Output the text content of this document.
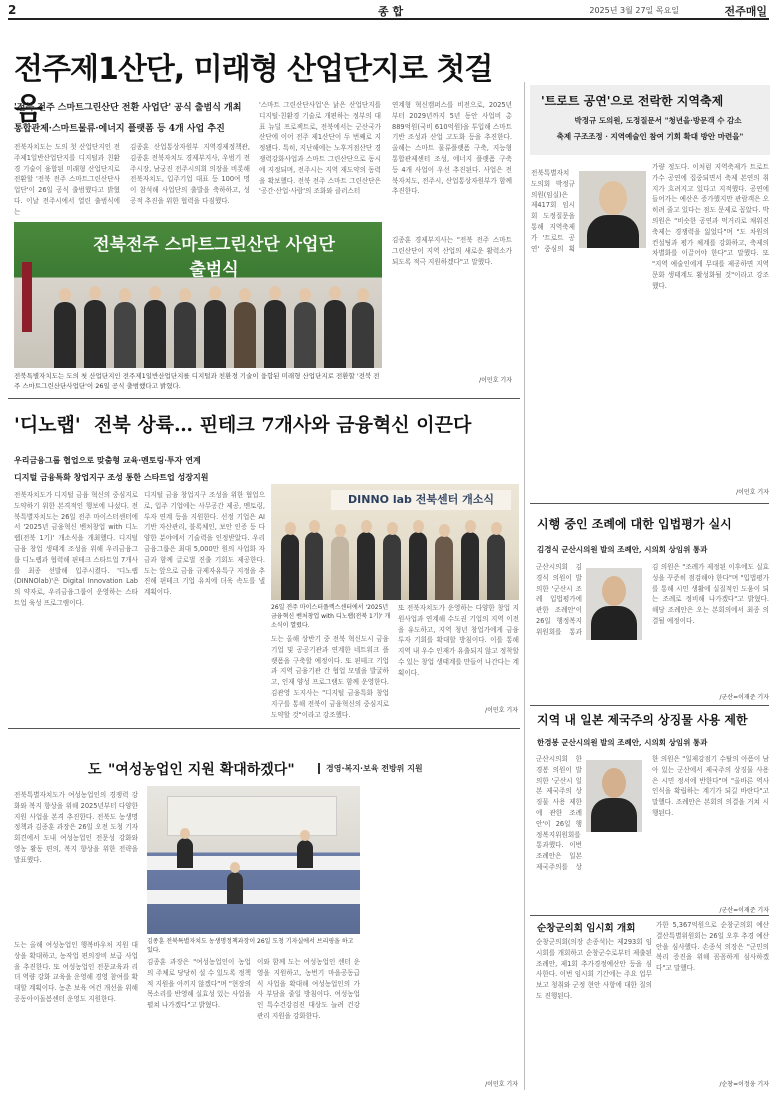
2	종 합	2025년 3월 27일 목요일	전주매일
전주제1산단, 미래형 산업단지로 첫걸음
'전북 전주 스마트그린산단 전환 사업단' 공식 출범식 개최
통합관제·스마트물류·에너지 플랫폼 등 4개 사업 추진
전북자치도는 도의 첫 산업단지인 전주제1일반산업단지를 디지털과 친환경 기술이 융합된 미래형 산업단지로 전환할 '전북 전주 스마트그린산단사업단'이 26일 공식 출범했다고 밝혔다. 이날 전주시에서 열린 출범식에는
김종훈 산업통상자원부 지역경제정책관, 김종훈 전북자치도 경제부지사, 우범기 전주시장, 남궁진 전주시의회 의장을 비롯해 전북자치도, 입주기업 대표 등 100여 명이 참석해 사업단의 출발을 축하하고, 성공적 추진을 위한 협력을 다짐했다.
'스마트 그린산단사업'은 낡은 산업단지를 디지털·친환경 기술로 개편하는 정부의 대표 뉴딜 프로젝트로, 전북에서는 군산국가산단에 이어 전주 제1산단이 두 번째로 지정됐다. 특히, 지난해에는 노후거점산단 경쟁력강화사업과 스마트 그린산단으로 동시에 지정되며, 전주시는 지역 재도약의 동력을 확보했다. 전북 전주 스마트 그린산단은 '공간·산업·사람'의 조화와 클러스터
연계형 혁신캠퍼스를 비전으로, 2025년부터 2029년까지 5년 동안 사업비 총 889억원(국비 610억원)을 투입해 스마트 기반 조성과 산업 고도화 등을 추진한다. 올해는 스마트 물류플랫폼 구축, 지능형 통합관제센터 조성, 에너지 플랫폼 구축 등 4개 사업이 우선 추진된다. 사업은 전북자치도, 전주시, 산업통상자원부가 함께 추진한다.
김종훈 경제부지사는 "전북 전주 스마트 그린산단이 지역 산업의 새로운 활력소가 되도록 적극 지원하겠다"고 말했다.
전북전주 스마트그린산단 사업단 출범식
전북특별자치도는 도의 첫 산업단지인 전주제1일반산업단지를 디지털과 친환경 기술이 융합된 미래형 산업단지로 전환할 '전북 전주 스마트그린산단사업단'이 26일 공식 출범했다고 밝혔다.
/이민호 기자
'트로트 공연'으로 전락한 지역축제
박정규 도의원, 도정질문서 "청년을·방문객 수 감소
축제 구조조정 · 지역예술인 참여 기회 확대 방안 마련을"
전북특별자치도의회 박정규 의원(임실)은 제417회 임시회 도정질문을 통해 지역축제가 '트로트 공연' 중심의 획
가량 정도다. 이처럼 지역축제가 트로트 가수 공연에 집중되면서 축제 본연의 취지가 흐려지고 있다고 지적했다. 공연에 들어가는 예산은 증가했지만 관람객은 오히려 줄고 있다는 점도 문제로 꼽았다. 박 의원은 "비슷한 공연과 먹거리로 채워진 축제는 경쟁력을 잃었다"며 "도 차원의 컨설팅과 평가 체계를 강화하고, 축제의 차별화를 이끌어야 한다"고 말했다. 또 "지역 예술인에게 무대를 제공하면 지역 문화 생태계도 활성화될 것"이라고 강조했다.
/이민호 기자
'디노랩' 전북 상륙… 핀테크 7개사와 금융혁신 이끈다
우리금융그룹 협업으로 맞춤형 교육·멘토링·투자 연계
디지털 금융특화 창업지구 조성 통한 스타트업 성장지원
전북자치도가 디지털 금융 혁신의 중심지로 도약하기 위한 본격적인 행보에 나섰다. 전북특별자치도는 26일 전주 마이스터센터에서 '2025년 금융혁신 벤처창업 with 디노랩(전북 1기)' 개소식을 개최했다. 디지털 금융 창업 생태계 조성을 위해 우리금융그룹 디노랩과 협력해 핀테크 스타트업 7개사를 최종 선발해 입주시켰다. '디노랩(DINNOlab)'은 Digital Innovation Lab의 약자로, 우리금융그룹이 운영하는 스타트업 육성 프로그램이다.
디지털 금융 창업지구 조성을 위한 협업으로, 입주 기업에는 사무공간 제공, 멘토링, 투자 연계 등을 지원한다. 선정 기업은 AI 기반 자산관리, 블록체인, 보안 인증 등 다양한 분야에서 기술력을 인정받았다. 우리금융그룹은 최대 5,000만 원의 사업화 자금과 함께 글로벌 진출 기회도 제공한다. 도는 앞으로 금융 규제자유특구 지정을 추진해 핀테크 기업 유치에 더욱 속도를 낼 계획이다.
DINNO lab 전북센터 개소식
26일 전주 마이스터플렉스센터에서 '2025년 금융혁신 벤처창업 with 디노랩(전북 1기)' 개소식이 열렸다.
도는 올해 상반기 중 전북 혁신도시 금융기업 및 공공기관과 연계한 네트워크 플랫폼을 구축할 예정이다. 또 핀테크 기업과 지역 금융기관 간 협업 모델을 발굴하고, 인재 양성 프로그램도 함께 운영한다. 김관영 도지사는 "디지털 금융특화 창업지구를 통해 전북이 금융혁신의 중심지로 도약할 것"이라고 강조했다.
또 전북자치도가 운영하는 다양한 창업 지원사업과 연계해 수도권 기업의 지역 이전을 유도하고, 지역 청년 창업가에게 금융 투자 기회를 확대할 방침이다. 이를 통해 지역 내 우수 인재가 유출되지 않고 정착할 수 있는 창업 생태계를 만들어 나간다는 계획이다.
/이민호 기자
시행 중인 조례에 대한 입법평가 실시
김경식 군산시의원 발의 조례안, 시의회 상임위 통과
군산시의회 김경식 의원이 발의한 '군산시 조례 입법평가에 관한 조례안'이 26일 행정복지위원회를 통과
김 의원은 "조례가 제정된 이후에도 실효성을 꾸준히 점검해야 한다"며 "입법평가를 통해 시민 생활에 실질적인 도움이 되는 조례로 정비해 나가겠다"고 밝혔다. 해당 조례안은 오는 본회의에서 최종 의결될 예정이다.
/군산=이재준 기자
지역 내 일본 제국주의 상징물 사용 제한
한경봉 군산시의원 발의 조례안, 시의회 상임위 통과
군산시의회 한경봉 의원이 발의한 '군산시 일본 제국주의 상징물 사용 제한에 관한 조례안'이 26일 행정복지위원회를 통과했다. 이번 조례안은 일본 제국주의를 상
한 의원은 "일제강점기 수탈의 아픔이 남아 있는 군산에서 제국주의 상징물 사용은 시민 정서에 반한다"며 "올바른 역사 인식을 확립하는 계기가 되길 바란다"고 말했다. 조례안은 본회의 의결을 거쳐 시행된다.
/군산=이재준 기자
도 "여성농업인 지원 확대하겠다"	경영·복지·보육 전방위 지원
전북특별자치도가 여성농업인의 경쟁력 강화와 복지 향상을 위해 2025년부터 다양한 지원 사업을 본격 추진한다. 전북도 농생명정책과 김종훈 과장은 26일 오전 도청 기자회견에서 도내 여성농업인 전문성 강화와 영농 활동 편의, 복지 향상을 위한 전략을 발표했다.
도는 올해 여성농업인 행복바우처 지원 대상을 확대하고, 농작업 편의장비 보급 사업을 추진한다. 또 여성농업인 전문교육과 리더 역량 강화 교육을 운영해 경영 참여를 확대할 계획이다. 농촌 보육 여건 개선을 위해 공동아이돌봄센터 운영도 지원한다.
김종훈 전북특별자치도 농생명정책과장이 26일 도청 기자실에서 브리핑을 하고 있다.
김종훈 과장은 "여성농업인이 농업의 주체로 당당히 설 수 있도록 정책적 지원을 아끼지 않겠다"며 "현장의 목소리를 반영해 실효성 있는 사업을 펼쳐 나가겠다"고 밝혔다.
이와 함께 도는 여성농업인 센터 운영을 지원하고, 농번기 마을공동급식 사업을 확대해 여성농업인의 가사 부담을 줄일 방침이다. 여성농업인 특수건강검진 대상도 늘려 건강관리 지원을 강화한다.
/이민호 기자
순창군의회 임시회 개회
순창군의회(의장 손종석)는 제293회 임시회를 개회하고 순창군수로부터 제출된 조례안, 제1회 추가경정예산안 등을 심사한다. 이번 임시회 기간에는 주요 업무보고 청취와 군정 현안 사항에 대한 질의도 진행된다.
가한 5,367억원으로 순창군의회 예산결산특별위원회는 26일 오후 추경 예산안을 심사했다. 손종석 의장은 "군민의 복리 증진을 위해 꼼꼼하게 심사하겠다"고 말했다.
/순창=이정웅 기자
